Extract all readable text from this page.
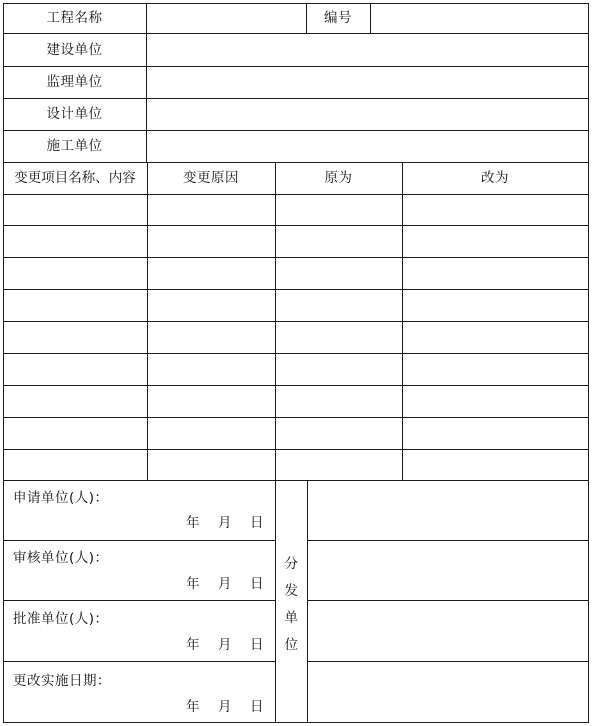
工程名称	编号
建设单位
监理单位
设计单位
施工单位
变更项目名称、内容	变更原因	原为	改为
申请单位(人)：
年 月 日
审核单位(人)：
年 月 日
批准单位(人)：
年 月 日
更改实施日期：
年 月 日
分
发
单
位
